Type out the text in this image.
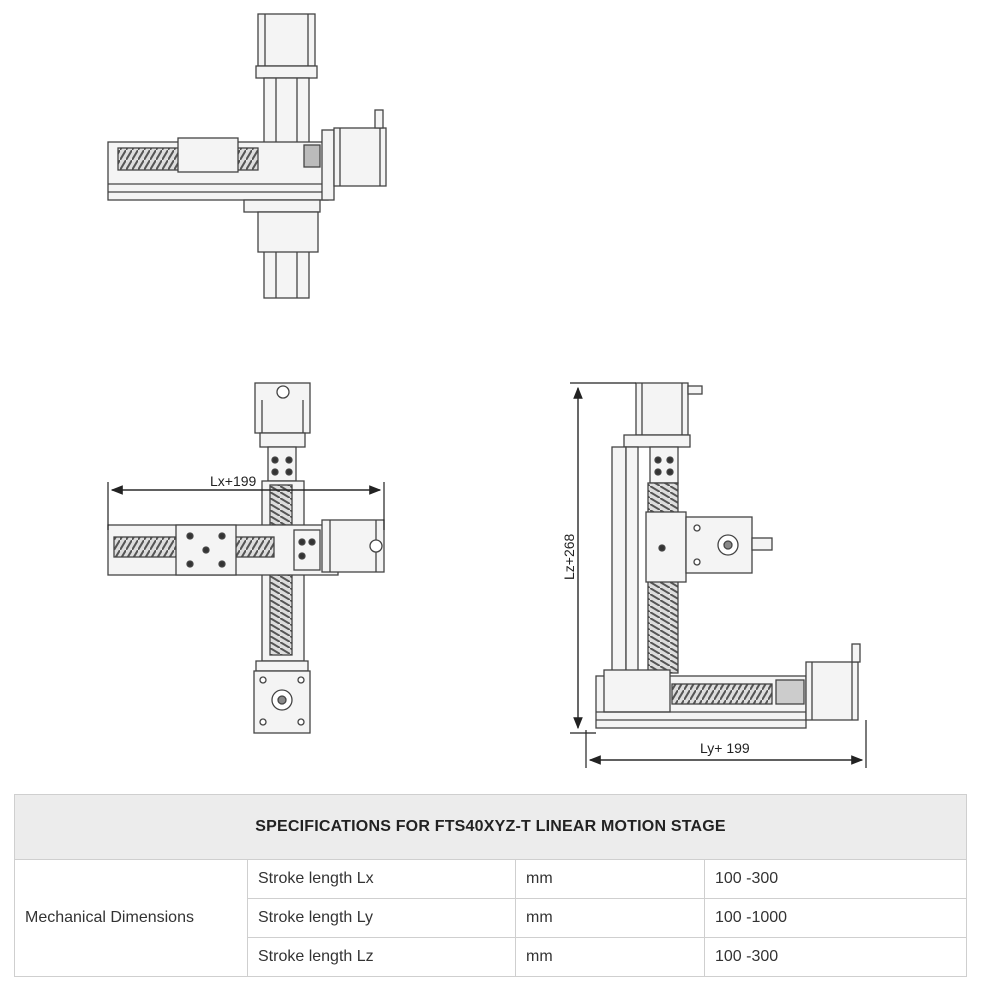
Lx+199
Lz+268
Ly+ 199
SPECIFICATIONS FOR FTS40XYZ-T LINEAR MOTION STAGE			
Mechanical Dimensions	Stroke length Lx	mm	100 -300
	Stroke length Ly	mm	100 -1000
	Stroke length Lz	mm	100 -300
